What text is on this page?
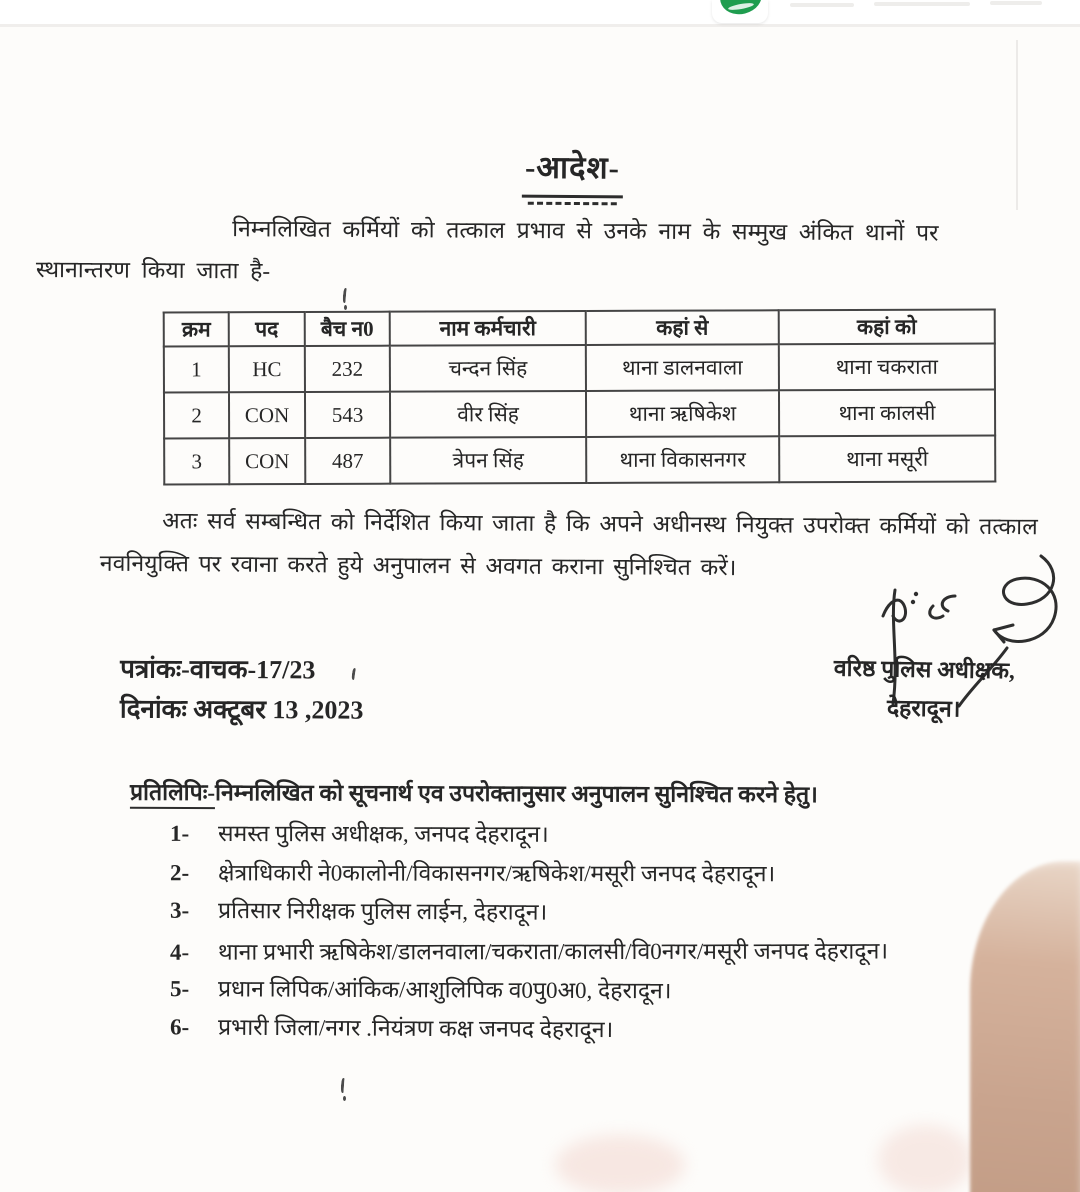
-आदेश-

निम्नलिखित कर्मियों को तत्काल प्रभाव से उनके नाम के सम्मुख अंकित थानों पर स्थानान्तरण किया जाता है-

क्रम	पद	बैच न0	नाम कर्मचारी	कहां से	कहां को
1	HC	232	चन्दन सिंह	थाना डालनवाला	थाना चकराता
2	CON	543	वीर सिंह	थाना ऋषिकेश	थाना कालसी
3	CON	487	त्रेपन सिंह	थाना विकासनगर	थाना मसूरी

अतः सर्व सम्बन्धित को निर्देशित किया जाता है कि अपने अधीनस्थ नियुक्त उपरोक्त कर्मियों को तत्काल नवनियुक्ति पर रवाना करते हुये अनुपालन से अवगत कराना सुनिश्चित करें।

वरिष्ठ पुलिस अधीक्षक,
देहरादून।
पत्रांकः-वाचक-17/23
दिनांकः अक्टूबर 13 ,2023
प्रतिलिपिः-निम्नलिखित को सूचनार्थ एव उपरोक्तानुसार अनुपालन सुनिश्चित करने हेतु।
1-	समस्त पुलिस अधीक्षक, जनपद देहरादून।
2-	क्षेत्राधिकारी ने0कालोनी/विकासनगर/ऋषिकेश/मसूरी जनपद देहरादून।
3-	प्रतिसार निरीक्षक पुलिस लाईन, देहरादून।
4-	थाना प्रभारी ऋषिकेश/डालनवाला/चकराता/कालसी/वि0नगर/मसूरी जनपद देहरादून।
5-	प्रधान लिपिक/आंकिक/आशुलिपिक व0पु0अ0, देहरादून।
6-	प्रभारी जिला/नगर .नियंत्रण कक्ष जनपद देहरादून।
